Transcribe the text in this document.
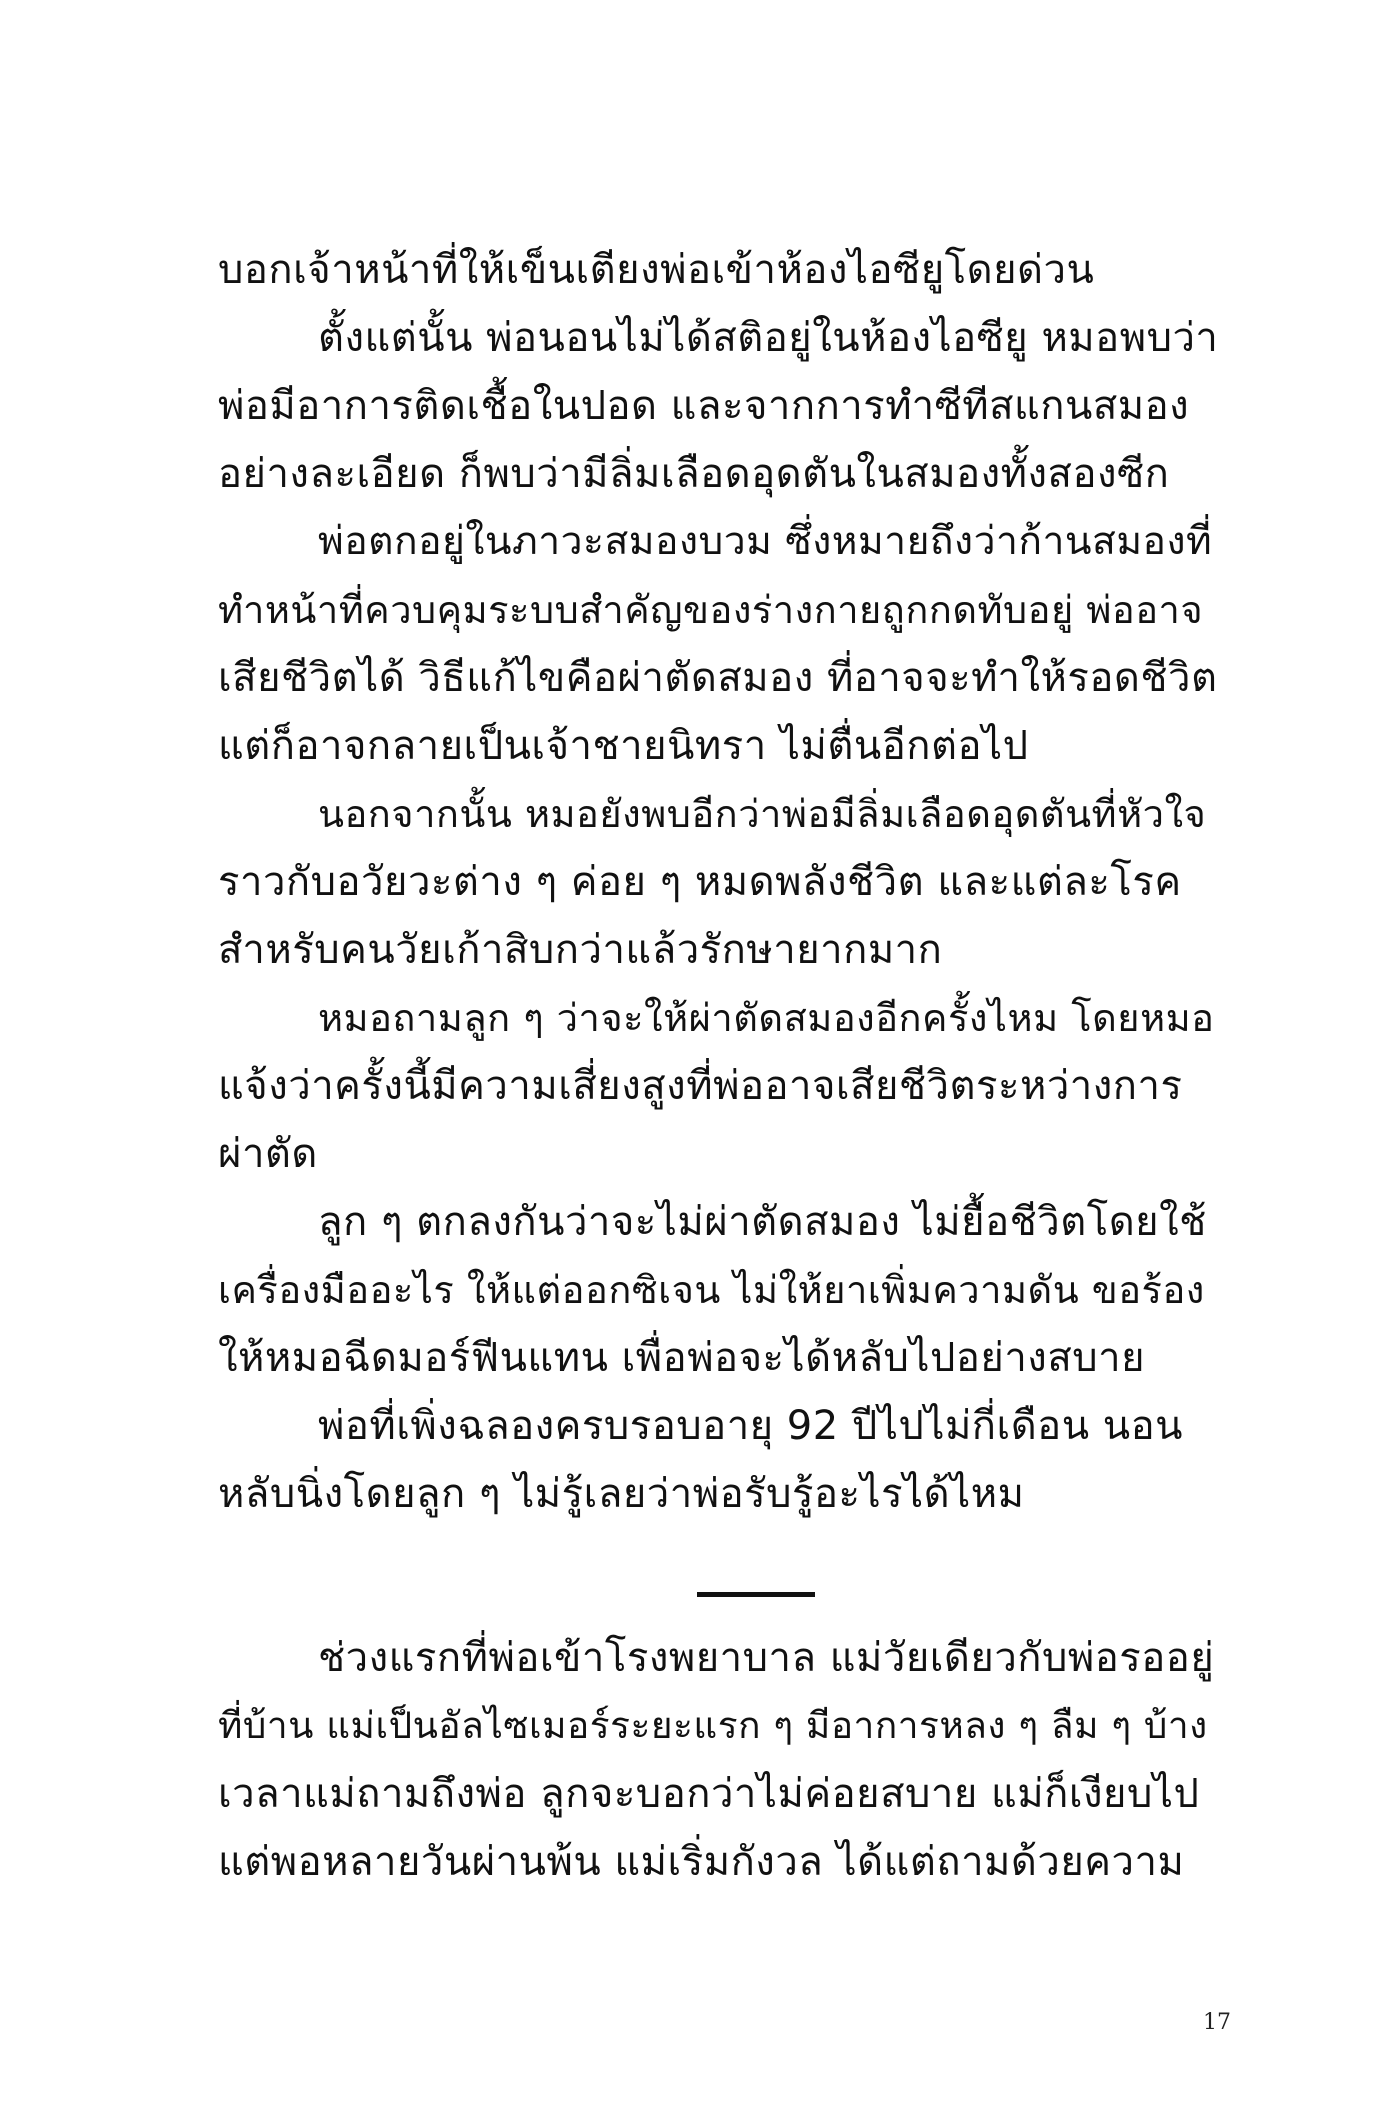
บอกเจ้าหน้าที่ให้เข็นเตียงพ่อเข้าห้องไอซียูโดยด่วน
ตั้งแต่นั้น พ่อนอนไม่ได้สติอยู่ในห้องไอซียู หมอพบว่า
พ่อมีอาการติดเชื้อในปอด และจากการทำซีทีสแกนสมอง
อย่างละเอียด ก็พบว่ามีลิ่มเลือดอุดตันในสมองทั้งสองซีก
พ่อตกอยู่ในภาวะสมองบวม ซึ่งหมายถึงว่าก้านสมองที่
ทำหน้าที่ควบคุมระบบสำคัญของร่างกายถูกกดทับอยู่ พ่ออาจ
เสียชีวิตได้ วิธีแก้ไขคือผ่าตัดสมอง ที่อาจจะทำให้รอดชีวิต
แต่ก็อาจกลายเป็นเจ้าชายนิทรา ไม่ตื่นอีกต่อไป
นอกจากนั้น หมอยังพบอีกว่าพ่อมีลิ่มเลือดอุดตันที่หัวใจ
ราวกับอวัยวะต่าง ๆ ค่อย ๆ หมดพลังชีวิต และแต่ละโรค
สำหรับคนวัยเก้าสิบกว่าแล้วรักษายากมาก
หมอถามลูก ๆ ว่าจะให้ผ่าตัดสมองอีกครั้งไหม โดยหมอ
แจ้งว่าครั้งนี้มีความเสี่ยงสูงที่พ่ออาจเสียชีวิตระหว่างการ
ผ่าตัด
ลูก ๆ ตกลงกันว่าจะไม่ผ่าตัดสมอง ไม่ยื้อชีวิตโดยใช้
เครื่องมืออะไร ให้แต่ออกซิเจน ไม่ให้ยาเพิ่มความดัน ขอร้อง
ให้หมอฉีดมอร์ฟีนแทน เพื่อพ่อจะได้หลับไปอย่างสบาย
พ่อที่เพิ่งฉลองครบรอบอายุ 92 ปีไปไม่กี่เดือน นอน
หลับนิ่งโดยลูก ๆ ไม่รู้เลยว่าพ่อรับรู้อะไรได้ไหม
ช่วงแรกที่พ่อเข้าโรงพยาบาล แม่วัยเดียวกับพ่อรออยู่
ที่บ้าน แม่เป็นอัลไซเมอร์ระยะแรก ๆ มีอาการหลง ๆ ลืม ๆ บ้าง
เวลาแม่ถามถึงพ่อ ลูกจะบอกว่าไม่ค่อยสบาย แม่ก็เงียบไป
แต่พอหลายวันผ่านพ้น แม่เริ่มกังวล ได้แต่ถามด้วยความ
17
